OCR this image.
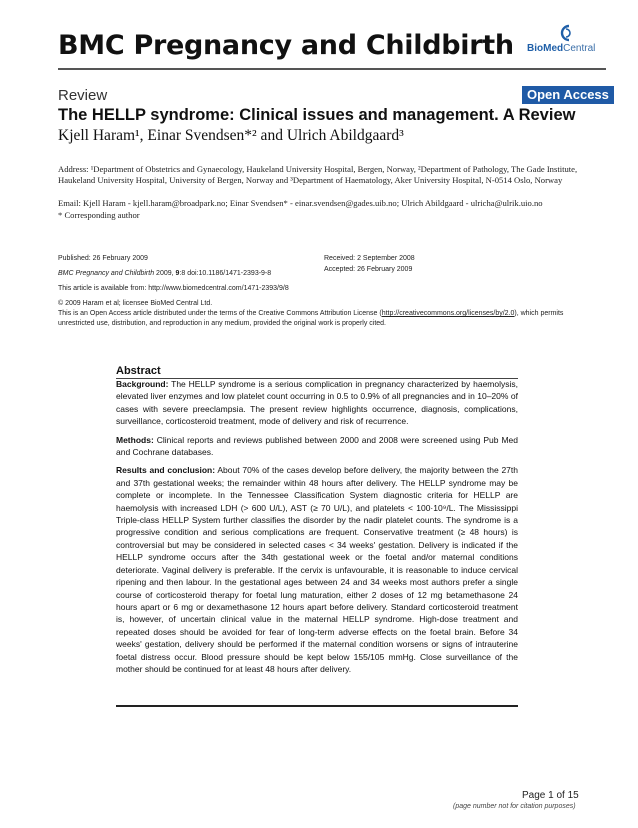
BMC Pregnancy and Childbirth BioMedCentral
Review	Open Access
The HELLP syndrome: Clinical issues and management. A Review
Kjell Haram¹, Einar Svendsen*² and Ulrich Abildgaard³
Address: ¹Department of Obstetrics and Gynaecology, Haukeland University Hospital, Bergen, Norway, ²Department of Pathology, The Gade Institute, Haukeland University Hospital, University of Bergen, Norway and ³Department of Haematology, Aker University Hospital, N-0514 Oslo, Norway
Email: Kjell Haram - kjell.haram@broadpark.no; Einar Svendsen* - einar.svendsen@gades.uib.no; Ulrich Abildgaard - ulricha@ulrik.uio.no
* Corresponding author
Published: 26 February 2009
BMC Pregnancy and Childbirth 2009, 9:8 doi:10.1186/1471-2393-9-8
Received: 2 September 2008
Accepted: 26 February 2009
This article is available from: http://www.biomedcentral.com/1471-2393/9/8
© 2009 Haram et al; licensee BioMed Central Ltd.
This is an Open Access article distributed under the terms of the Creative Commons Attribution License (http://creativecommons.org/licenses/by/2.0), which permits unrestricted use, distribution, and reproduction in any medium, provided the original work is properly cited.
Abstract

Background: The HELLP syndrome is a serious complication in pregnancy characterized by haemolysis, elevated liver enzymes and low platelet count occurring in 0.5 to 0.9% of all pregnancies and in 10–20% of cases with severe preeclampsia. The present review highlights occurrence, diagnosis, complications, surveillance, corticosteroid treatment, mode of delivery and risk of recurrence.

Methods: Clinical reports and reviews published between 2000 and 2008 were screened using Pub Med and Cochrane databases.

Results and conclusion: About 70% of the cases develop before delivery, the majority between the 27th and 37th gestational weeks; the remainder within 48 hours after delivery. The HELLP syndrome may be complete or incomplete. In the Tennessee Classification System diagnostic criteria for HELLP are haemolysis with increased LDH (> 600 U/L), AST (≥ 70 U/L), and platelets < 100·10⁹/L. The Mississippi Triple-class HELLP System further classifies the disorder by the nadir platelet counts. The syndrome is a progressive condition and serious complications are frequent. Conservative treatment (≥ 48 hours) is controversial but may be considered in selected cases < 34 weeks' gestation. Delivery is indicated if the HELLP syndrome occurs after the 34th gestational week or the foetal and/or maternal conditions deteriorate. Vaginal delivery is preferable. If the cervix is unfavourable, it is reasonable to induce cervical ripening and then labour. In the gestational ages between 24 and 34 weeks most authors prefer a single course of corticosteroid therapy for foetal lung maturation, either 2 doses of 12 mg betamethasone 24 hours apart or 6 mg or dexamethasone 12 hours apart before delivery. Standard corticosteroid treatment is, however, of uncertain clinical value in the maternal HELLP syndrome. High-dose treatment and repeated doses should be avoided for fear of long-term adverse effects on the foetal brain. Before 34 weeks' gestation, delivery should be performed if the maternal condition worsens or signs of intrauterine foetal distress occur. Blood pressure should be kept below 155/105 mmHg. Close surveillance of the mother should be continued for at least 48 hours after delivery.

Page 1 of 15
(page number not for citation purposes)
